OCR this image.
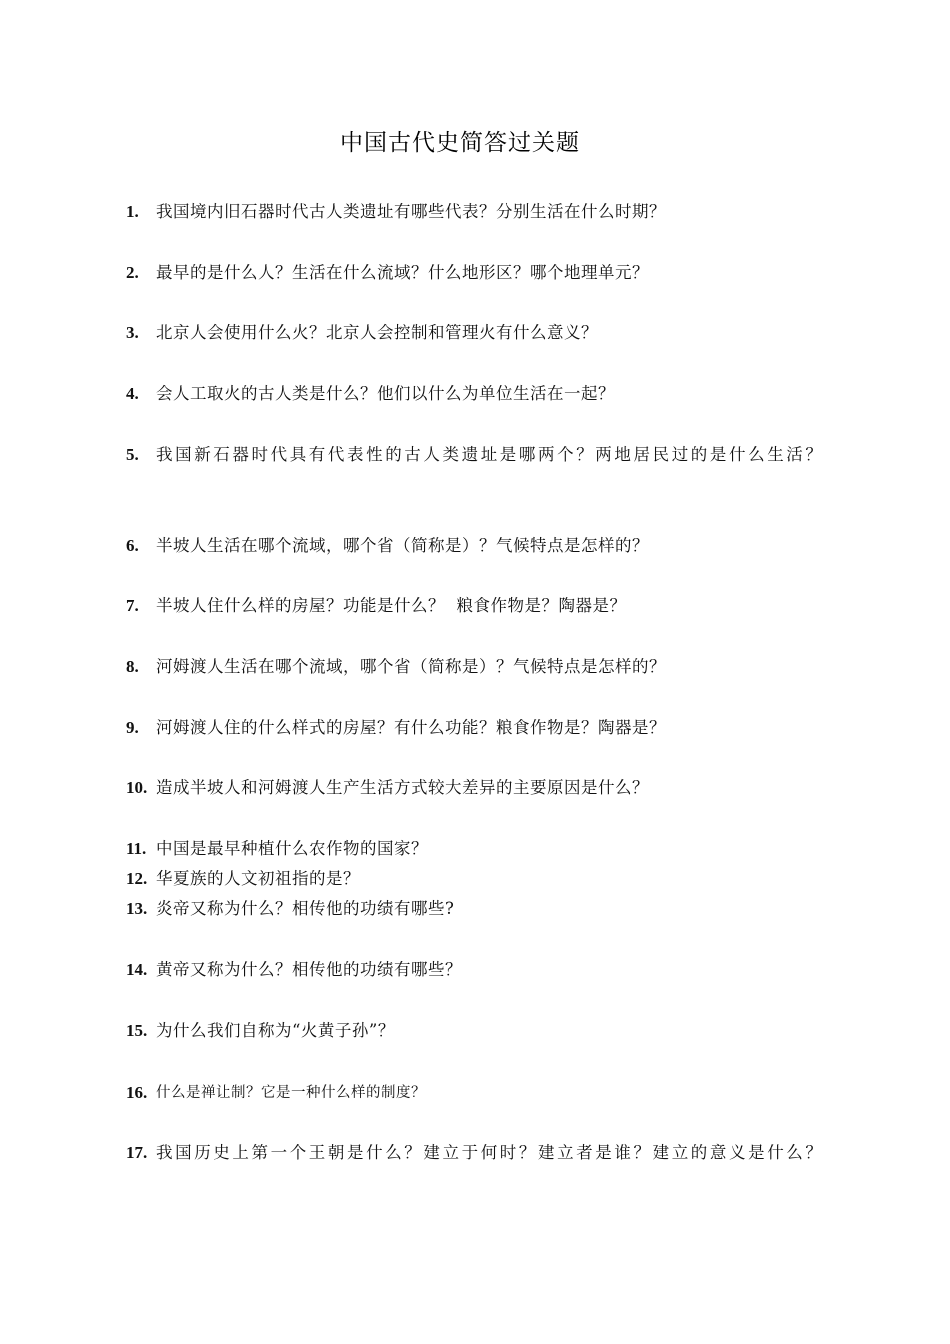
中国古代史简答过关题
1. 我国境内旧石器时代古人类遗址有哪些代表？分别生活在什么时期？
2. 最早的是什么人？生活在什么流域？什么地形区？哪个地理单元？
3. 北京人会使用什么火？北京人会控制和管理火有什么意义？
4. 会人工取火的古人类是什么？他们以什么为单位生活在一起？
5. 我国新石器时代具有代表性的古人类遗址是哪两个？两地居民过的是什么生活？
6. 半坡人生活在哪个流域，哪个省（简称是）？气候特点是怎样的？
7. 半坡人住什么样的房屋？功能是什么？  粮食作物是？陶器是？
8. 河姆渡人生活在哪个流域，哪个省（简称是）？气候特点是怎样的？
9. 河姆渡人住的什么样式的房屋？有什么功能？粮食作物是？陶器是？
10. 造成半坡人和河姆渡人生产生活方式较大差异的主要原因是什么？
11. 中国是最早种植什么农作物的国家？
12. 华夏族的人文初祖指的是？
13. 炎帝又称为什么？相传他的功绩有哪些?
14. 黄帝又称为什么？相传他的功绩有哪些？
15. 为什么我们自称为“火黄子孙”？
16. 什么是禅让制？它是一种什么样的制度？
17. 我国历史上第一个王朝是什么？建立于何时？建立者是谁？建立的意义是什么？
